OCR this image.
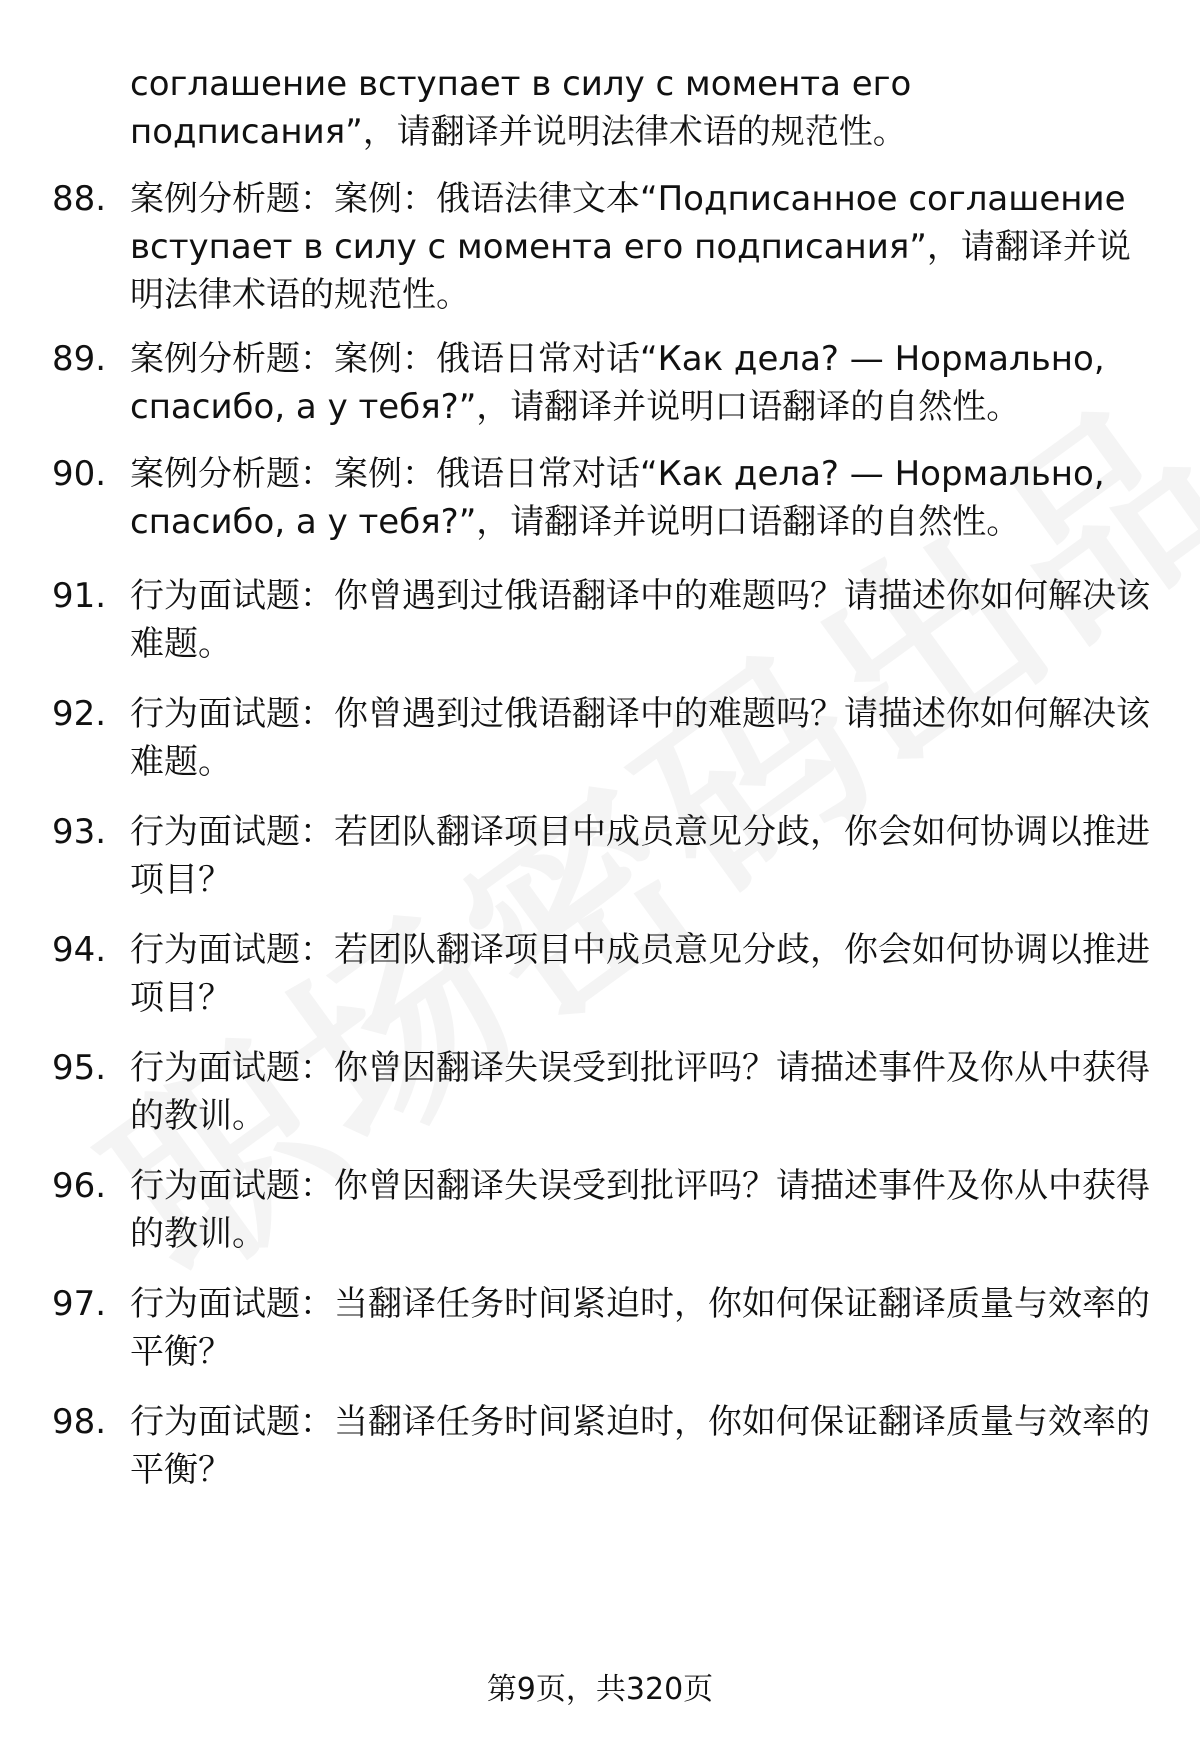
соглашение вступает в силу с момента его подписания”，请翻译并说明法律术语的规范性。
88. 案例分析题：案例：俄语法律文本“Подписанное соглашение вступает в силу с момента его подписания”，请翻译并说明法律术语的规范性。
89. 案例分析题：案例：俄语日常对话“Как дела? — Нормально, спасибо, а у тебя?”，请翻译并说明口语翻译的自然性。
90. 案例分析题：案例：俄语日常对话“Как дела? — Нормально, спасибо, а у тебя?”，请翻译并说明口语翻译的自然性。
91. 行为面试题：你曾遇到过俄语翻译中的难题吗？请描述你如何解决该难题。
92. 行为面试题：你曾遇到过俄语翻译中的难题吗？请描述你如何解决该难题。
93. 行为面试题：若团队翻译项目中成员意见分歧，你会如何协调以推进项目？
94. 行为面试题：若团队翻译项目中成员意见分歧，你会如何协调以推进项目？
95. 行为面试题：你曾因翻译失误受到批评吗？请描述事件及你从中获得的教训。
96. 行为面试题：你曾因翻译失误受到批评吗？请描述事件及你从中获得的教训。
97. 行为面试题：当翻译任务时间紧迫时，你如何保证翻译质量与效率的平衡？
98. 行为面试题：当翻译任务时间紧迫时，你如何保证翻译质量与效率的平衡？
第9页，共320页
